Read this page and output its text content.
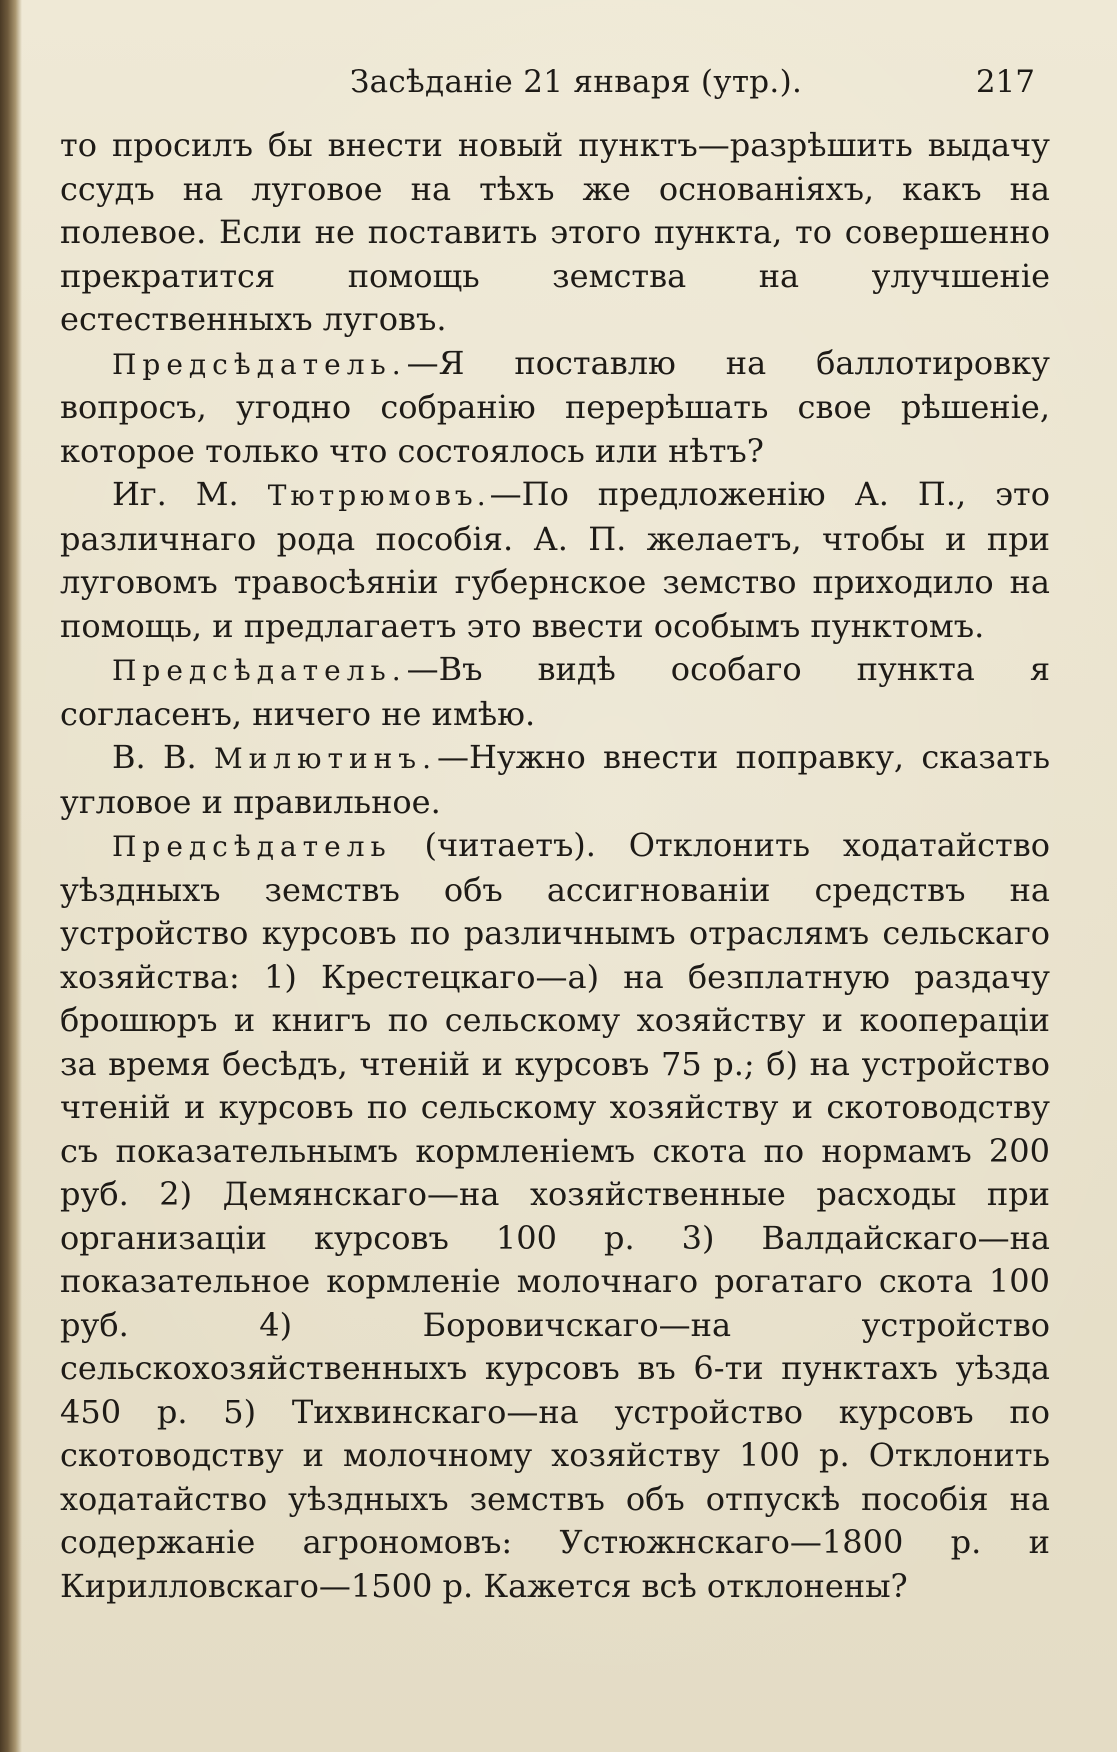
Засѣданіе 21 января (утр.).	217

то просилъ бы внести новый пунктъ—разрѣшить выдачу ссудъ на луговое на тѣхъ же основаніяхъ, какъ на полевое. Если не поставить этого пункта, то совершенно прекратится помощь земства на улучшеніе естественныхъ луговъ.

Предсѣдатель.—Я поставлю на баллотировку вопросъ, угодно собранію перерѣшать свое рѣшеніе, которое только что состоялось или нѣтъ?

Иг. М. Тютрюмовъ.—По предложенію А. П., это различнаго рода пособія. А. П. желаетъ, чтобы и при луговомъ травосѣяніи губернское земство приходило на помощь, и предлагаетъ это ввести особымъ пунктомъ.

Предсѣдатель.—Въ видѣ особаго пункта я согласенъ, ничего не имѣю.

В. В. Милютинъ.—Нужно внести поправку, сказать угловое и правильное.

Предсѣдатель (читаетъ). Отклонить ходатайство уѣздныхъ земствъ объ ассигнованіи средствъ на устройство курсовъ по различнымъ отраслямъ сельскаго хозяйства: 1) Крестецкаго—а) на безплатную раздачу брошюръ и книгъ по сельскому хозяйству и коопераціи за время бесѣдъ, чтеній и курсовъ 75 р.; б) на устройство чтеній и курсовъ по сельскому хозяйству и скотоводству съ показательнымъ кормленіемъ скота по нормамъ 200 руб. 2) Демянскаго—на хозяйственные расходы при организаціи курсовъ 100 р. 3) Валдайскаго—на показательное кормленіе молочнаго рогатаго скота 100 руб. 4) Боровичскаго—на устройство сельскохозяйственныхъ курсовъ въ 6-ти пунктахъ уѣзда 450 р. 5) Тихвинскаго—на устройство курсовъ по скотоводству и молочному хозяйству 100 р. Отклонить ходатайство уѣздныхъ земствъ объ отпускѣ пособія на содержаніе агрономовъ: Устюжнскаго—1800 р. и Кирилловскаго—1500 р. Кажется всѣ отклонены?
